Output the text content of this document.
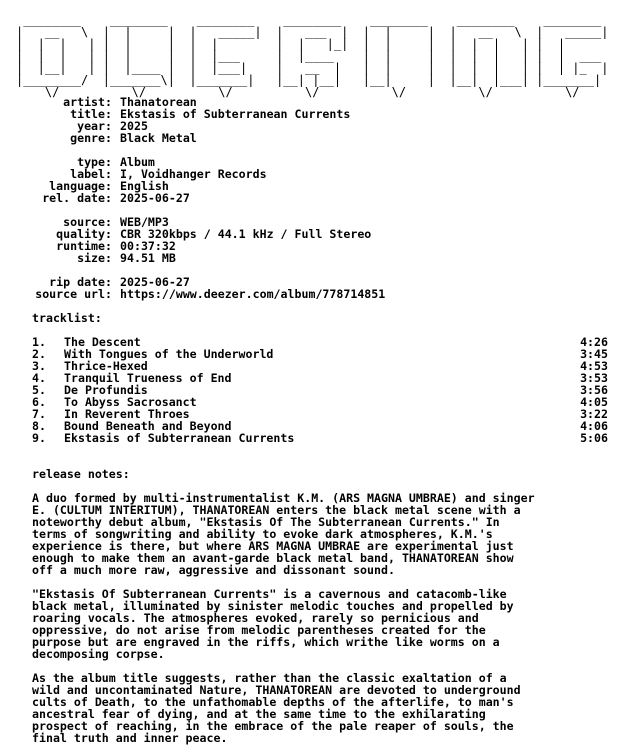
________    ________    ________    ________    ________    ________    ________
|   __   \  |  |     |  |   _____|  |   ___  |  |  |     |  |   __   \  |   _____|
|  |  |   | |  |     |  |  |        |  |   |_|  |  |     |  |  |  |   | |  |
|  |  |   | |  |     |  |  |___     |  |____    |  |     |  |  |  |   | |  |  ___
|  |__|   | |  |____ |  |  |___|    |   __  |   |  |     |  |  |  |   | |  | |_  |
|________/  |_______\|  |_______|   |__| |__|   |__|     |  |__|  |___| |_______|
\/          \/          \/          \/          \/          \/          \/
artist: Thanatorean
title: Ekstasis of Subterranean Currents
year: 2025
genre: Black Metal
type: Album
label: I, Voidhanger Records
language: English
rel. date: 2025-06-27
source: WEB/MP3
quality: CBR 320kbps / 44.1 kHz / Full Stereo
runtime: 00:37:32
size: 94.51 MB
rip date: 2025-06-27
source url: https://www.deezer.com/album/778714851
tracklist:
1.	The Descent	4:26
2.	With Tongues of the Underworld	3:45
3.	Thrice-Hexed	4:53
4.	Tranquil Trueness of End	3:53
5.	De Profundis	3:56
6.	To Abyss Sacrosanct	4:05
7.	In Reverent Throes	3:22
8.	Bound Beneath and Beyond	4:06
9.	Ekstasis of Subterranean Currents	5:06
release notes:
A duo formed by multi-instrumentalist K.M. (ARS MAGNA UMBRAE) and singer
E. (CULTUM INTERITUM), THANATOREAN enters the black metal scene with a
noteworthy debut album, "Ekstasis Of The Subterranean Currents." In
terms of songwriting and ability to evoke dark atmospheres, K.M.'s
experience is there, but where ARS MAGNA UMBRAE are experimental just
enough to make them an avant-garde black metal band, THANATOREAN show
off a much more raw, aggressive and dissonant sound.
"Ekstasis Of Subterranean Currents" is a cavernous and catacomb-like
black metal, illuminated by sinister melodic touches and propelled by
roaring vocals. The atmospheres evoked, rarely so pernicious and
oppressive, do not arise from melodic parentheses created for the
purpose but are engraved in the riffs, which writhe like worms on a
decomposing corpse.
As the album title suggests, rather than the classic exaltation of a
wild and uncontaminated Nature, THANATOREAN are devoted to underground
cults of Death, to the unfathomable depths of the afterlife, to man's
ancestral fear of dying, and at the same time to the exhilarating
prospect of reaching, in the embrace of the pale reaper of souls, the
final truth and inner peace.
